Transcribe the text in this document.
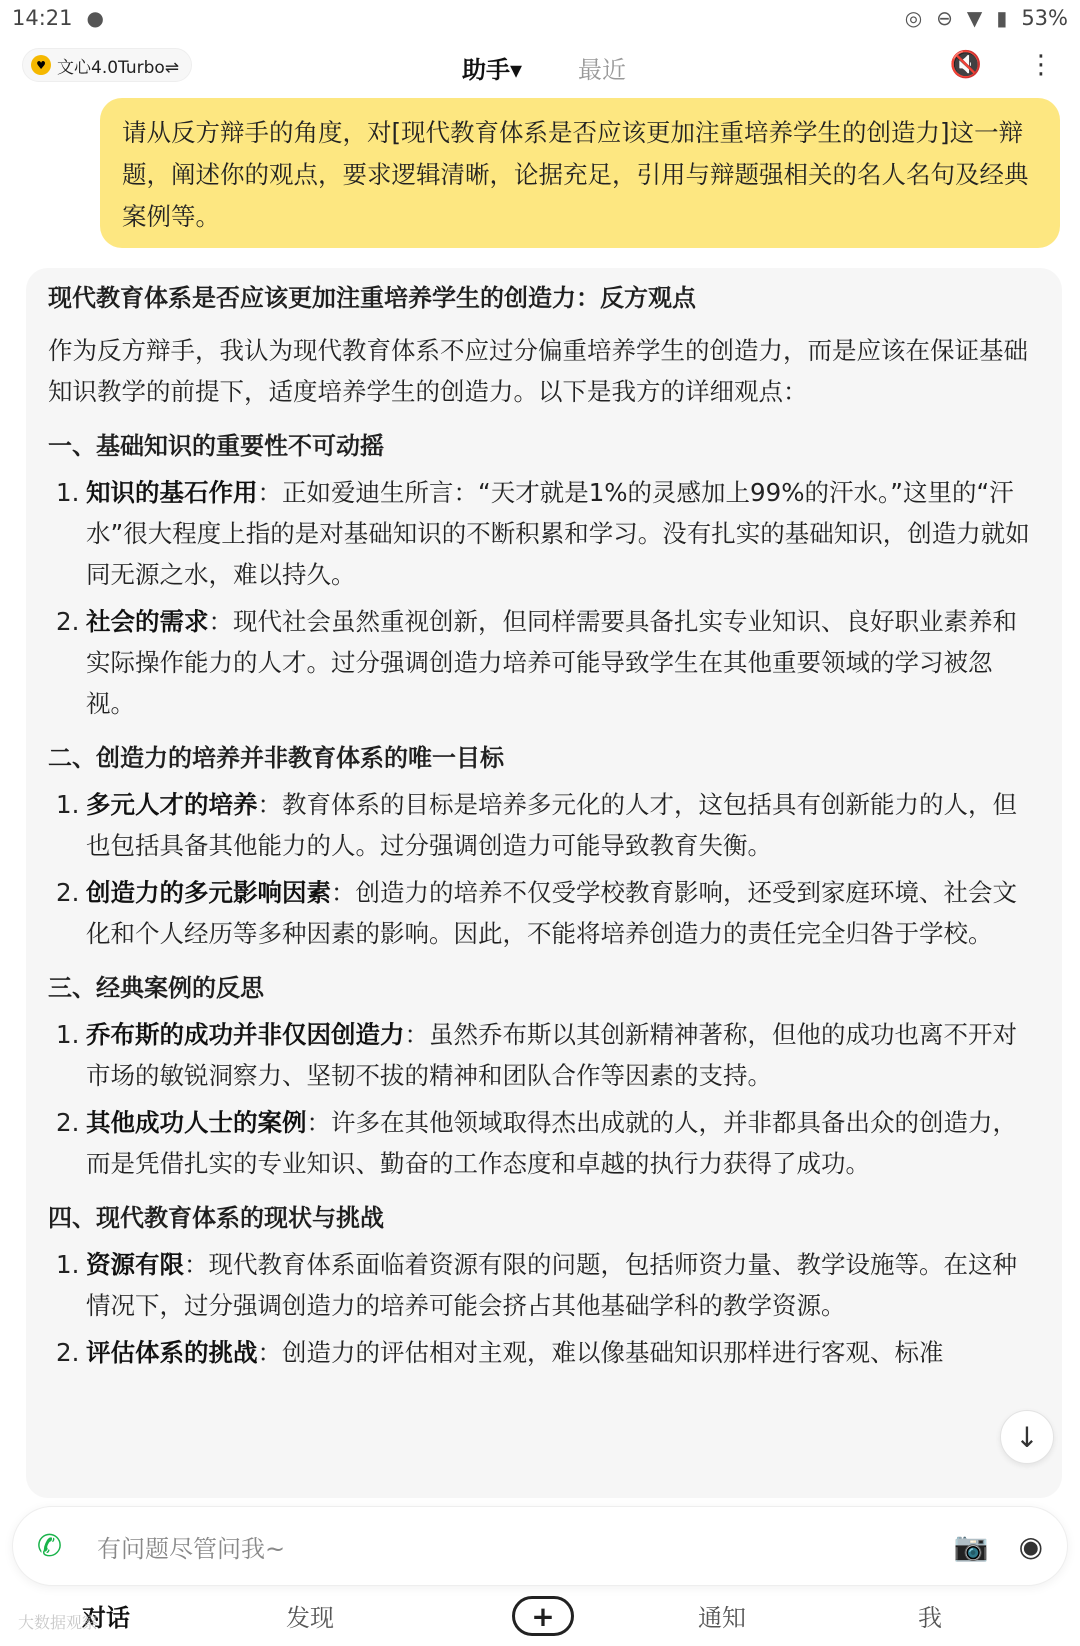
14:21 ●	◎ ⊖ ▼ ▮ 53%
♥ 文心4.0Turbo⇌	助手▾ 最近	🔇 ⋮
请从反方辩手的角度，对[现代教育体系是否应该更加注重培养学生的创造力]这一辩题，阐述你的观点，要求逻辑清晰，论据充足，引用与辩题强相关的名人名句及经典案例等。
现代教育体系是否应该更加注重培养学生的创造力：反方观点
作为反方辩手，我认为现代教育体系不应过分偏重培养学生的创造力，而是应该在保证基础知识教学的前提下，适度培养学生的创造力。以下是我方的详细观点：
一、基础知识的重要性不可动摇
1. 知识的基石作用：正如爱迪生所言：“天才就是1%的灵感加上99%的汗水。”这里的“汗水”很大程度上指的是对基础知识的不断积累和学习。没有扎实的基础知识，创造力就如同无源之水，难以持久。
2. 社会的需求：现代社会虽然重视创新，但同样需要具备扎实专业知识、良好职业素养和实际操作能力的人才。过分强调创造力培养可能导致学生在其他重要领域的学习被忽视。
二、创造力的培养并非教育体系的唯一目标
1. 多元人才的培养：教育体系的目标是培养多元化的人才，这包括具有创新能力的人，但也包括具备其他能力的人。过分强调创造力可能导致教育失衡。
2. 创造力的多元影响因素：创造力的培养不仅受学校教育影响，还受到家庭环境、社会文化和个人经历等多种因素的影响。因此，不能将培养创造力的责任完全归咎于学校。
三、经典案例的反思
1. 乔布斯的成功并非仅因创造力：虽然乔布斯以其创新精神著称，但他的成功也离不开对市场的敏锐洞察力、坚韧不拔的精神和团队合作等因素的支持。
2. 其他成功人士的案例：许多在其他领域取得杰出成就的人，并非都具备出众的创造力，而是凭借扎实的专业知识、勤奋的工作态度和卓越的执行力获得了成功。
四、现代教育体系的现状与挑战
1. 资源有限：现代教育体系面临着资源有限的问题，包括师资力量、教学设施等。在这种情况下，过分强调创造力的培养可能会挤占其他基础学科的教学资源。
2. 评估体系的挑战：创造力的评估相对主观，难以像基础知识那样进行客观、标准
↓
✆	有问题尽管问我~	📷 ◉
对话	发现	+	通知	我
大数据观察
